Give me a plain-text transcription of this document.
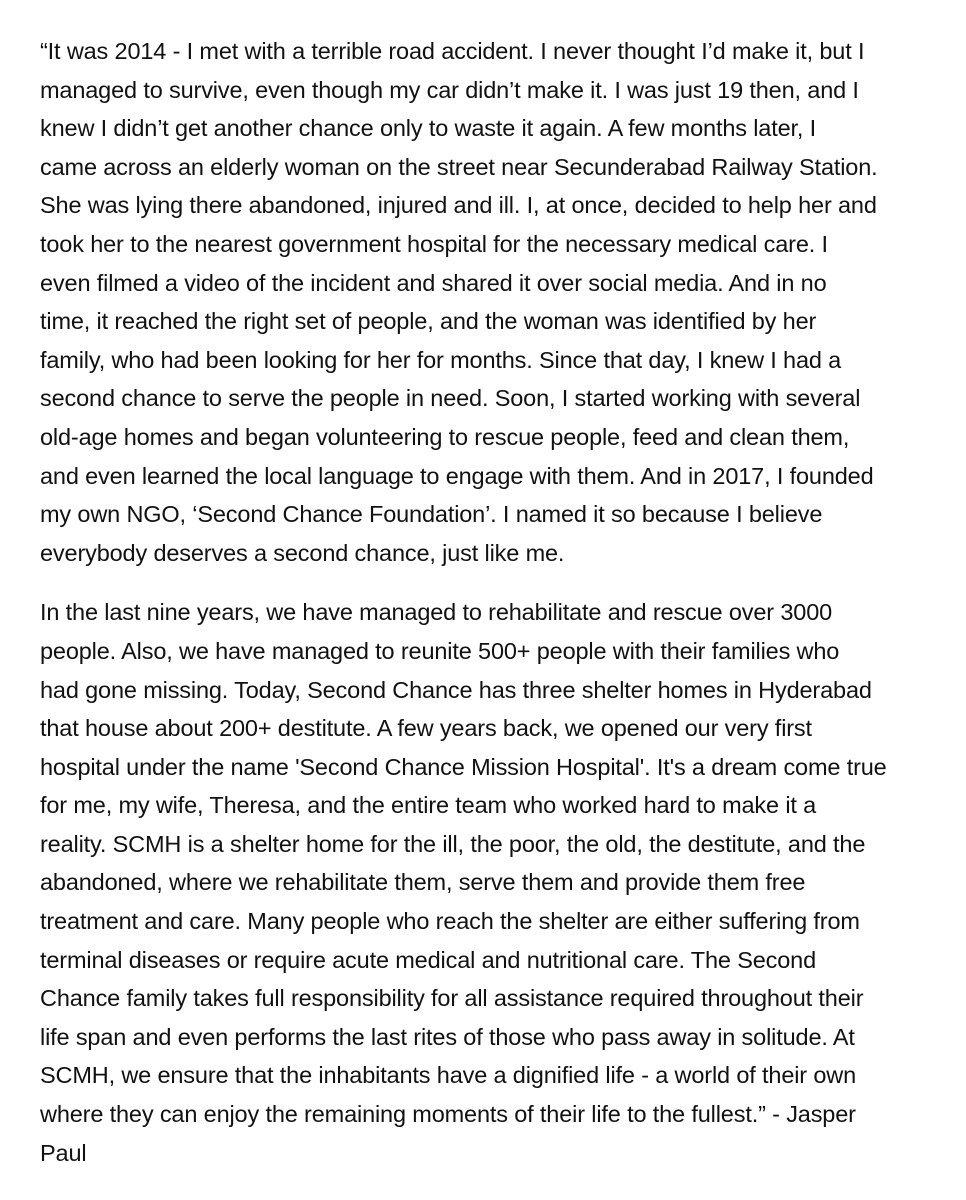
“It was 2014 - I met with a terrible road accident. I never thought I’d make it, but I
managed to survive, even though my car didn’t make it. I was just 19 then, and I
knew I didn’t get another chance only to waste it again. A few months later, I
came across an elderly woman on the street near Secunderabad Railway Station.
She was lying there abandoned, injured and ill. I, at once, decided to help her and
took her to the nearest government hospital for the necessary medical care. I
even filmed a video of the incident and shared it over social media. And in no
time, it reached the right set of people, and the woman was identified by her
family, who had been looking for her for months. Since that day, I knew I had a
second chance to serve the people in need. Soon, I started working with several
old-age homes and began volunteering to rescue people, feed and clean them,
and even learned the local language to engage with them. And in 2017, I founded
my own NGO, ‘Second Chance Foundation’. I named it so because I believe
everybody deserves a second chance, just like me.
In the last nine years, we have managed to rehabilitate and rescue over 3000
people. Also, we have managed to reunite 500+ people with their families who
had gone missing. Today, Second Chance has three shelter homes in Hyderabad
that house about 200+ destitute. A few years back, we opened our very first
hospital under the name 'Second Chance Mission Hospital'. It's a dream come true
for me, my wife, Theresa, and the entire team who worked hard to make it a
reality. SCMH is a shelter home for the ill, the poor, the old, the destitute, and the
abandoned, where we rehabilitate them, serve them and provide them free
treatment and care. Many people who reach the shelter are either suffering from
terminal diseases or require acute medical and nutritional care. The Second
Chance family takes full responsibility for all assistance required throughout their
life span and even performs the last rites of those who pass away in solitude. At
SCMH, we ensure that the inhabitants have a dignified life - a world of their own
where they can enjoy the remaining moments of their life to the fullest.” - Jasper
Paul
